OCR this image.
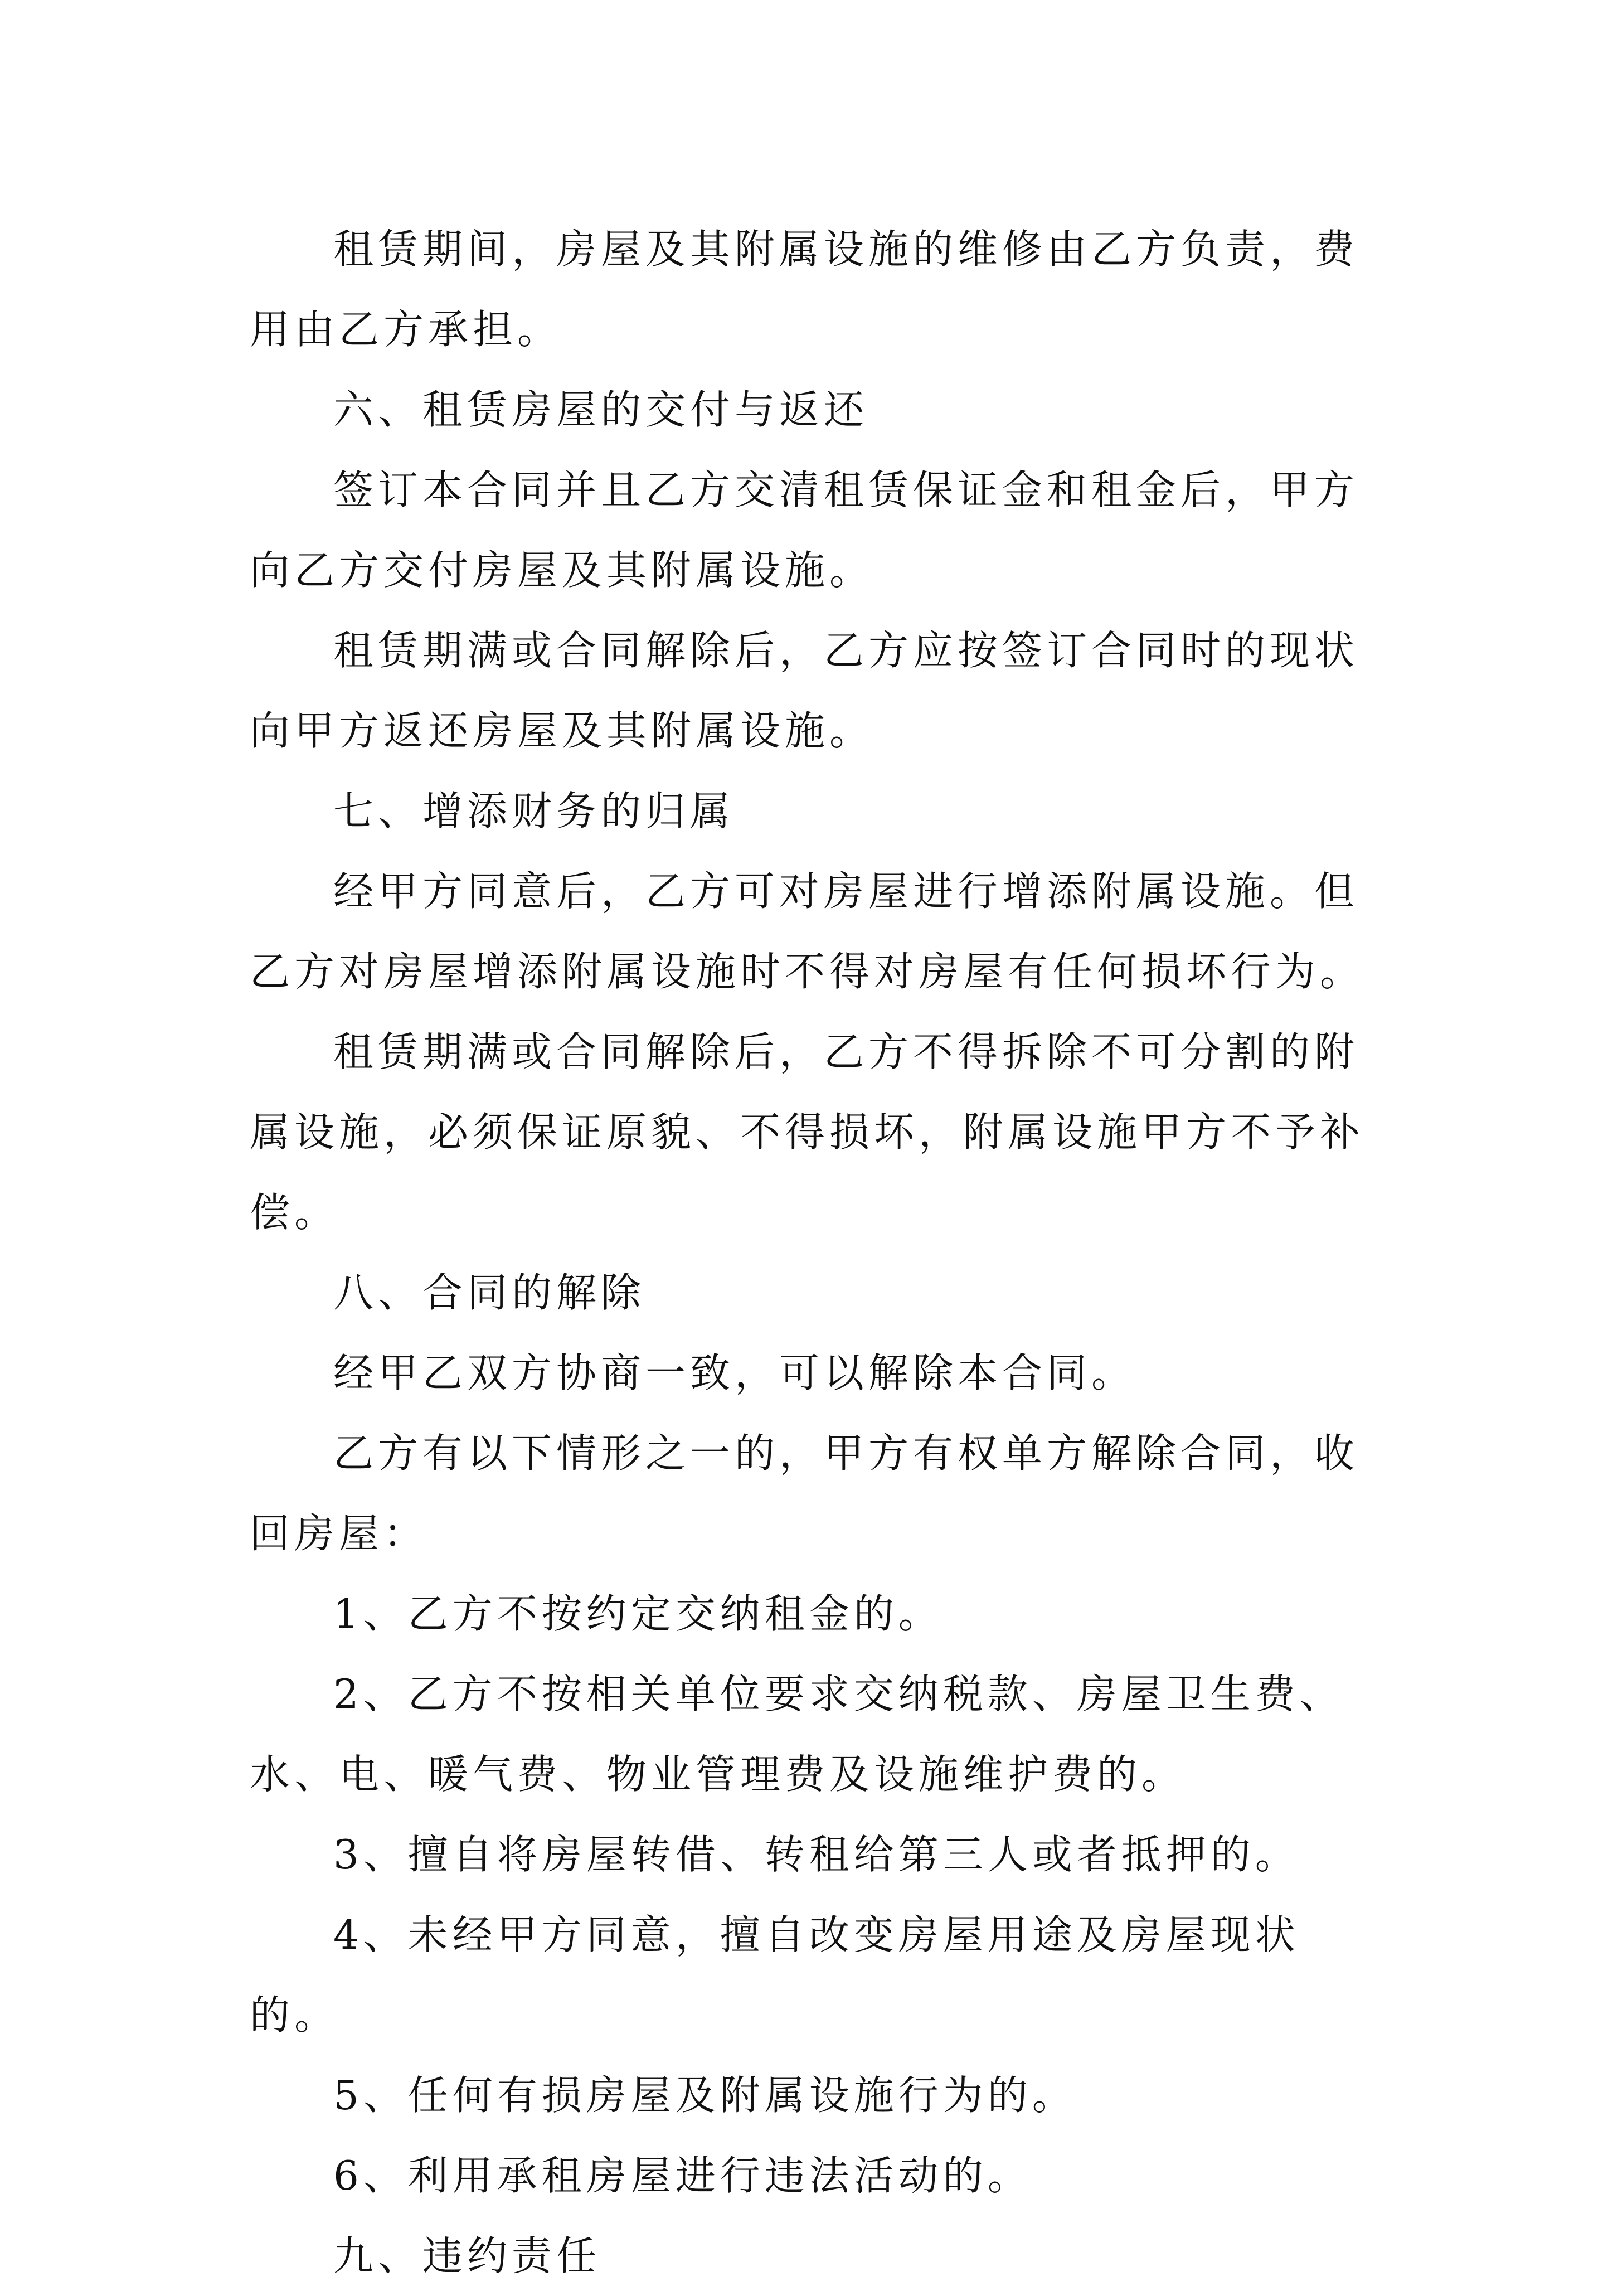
租赁期间，房屋及其附属设施的维修由乙方负责，费用由乙方承担。

六、租赁房屋的交付与返还

签订本合同并且乙方交清租赁保证金和租金后，甲方向乙方交付房屋及其附属设施。

租赁期满或合同解除后，乙方应按签订合同时的现状向甲方返还房屋及其附属设施。

七、增添财务的归属

经甲方同意后，乙方可对房屋进行增添附属设施。但乙方对房屋增添附属设施时不得对房屋有任何损坏行为。

租赁期满或合同解除后，乙方不得拆除不可分割的附属设施，必须保证原貌、不得损坏，附属设施甲方不予补偿。

八、合同的解除

经甲乙双方协商一致，可以解除本合同。

乙方有以下情形之一的，甲方有权单方解除合同，收回房屋：

1、乙方不按约定交纳租金的。

2、乙方不按相关单位要求交纳税款、房屋卫生费、水、电、暖气费、物业管理费及设施维护费的。

3、擅自将房屋转借、转租给第三人或者抵押的。

4、未经甲方同意，擅自改变房屋用途及房屋现状的。

5、任何有损房屋及附属设施行为的。

6、利用承租房屋进行违法活动的。

九、违约责任
